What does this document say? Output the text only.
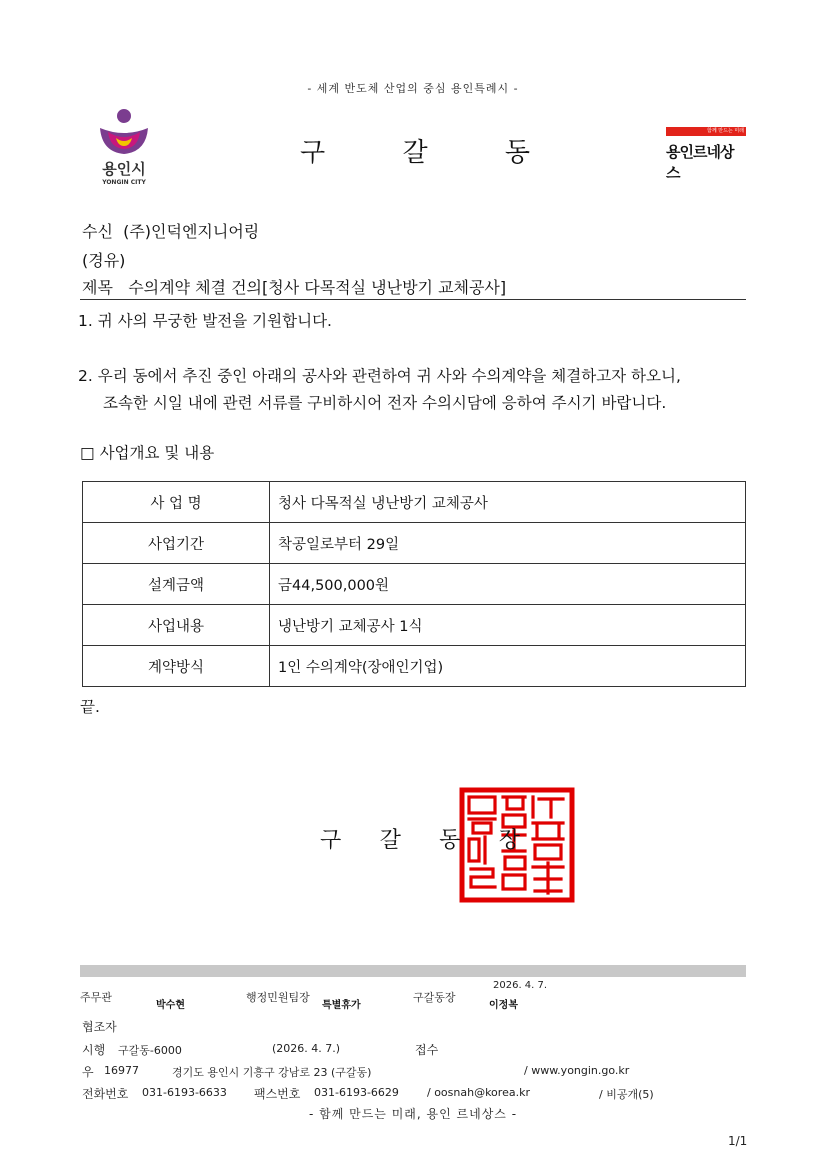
- 세계 반도체 산업의 중심 용인특례시 -
용인시
YONGIN CITY
구	갈	동
함께 만드는 미래
용인르네상스
수신 (주)인덕엔지니어링
(경유)
제목 수의계약 체결 건의[청사 다목적실 냉난방기 교체공사]
1. 귀 사의 무궁한 발전을 기원합니다.
2. 우리 동에서 추진 중인 아래의 공사와 관련하여 귀 사와 수의계약을 체결하고자 하오니,
조속한 시일 내에 관련 서류를 구비하시어 전자 수의시담에 응하여 주시기 바랍니다.
□ 사업개요 및 내용
사 업 명	청사 다목적실 냉난방기 교체공사
사업기간	착공일로부터 29일
설계금액	금44,500,000원
사업내용	냉난방기 교체공사 1식
계약방식	1인 수의계약(장애인기업)
끝.
구 갈 동 장
주무관
박수현
행정민원팀장
특별휴가
구갈동장
2026. 4. 7.
이정복
협조자
시행 구갈동-6000	(2026. 4. 7.)	접수
우 16977	경기도 용인시 기흥구 강남로 23 (구갈동)	/ www.yongin.go.kr
전화번호 031-6193-6633 팩스번호 031-6193-6629	/ oosnah@korea.kr	/ 비공개(5)
- 함께 만드는 미래, 용인 르네상스 -
1/1
